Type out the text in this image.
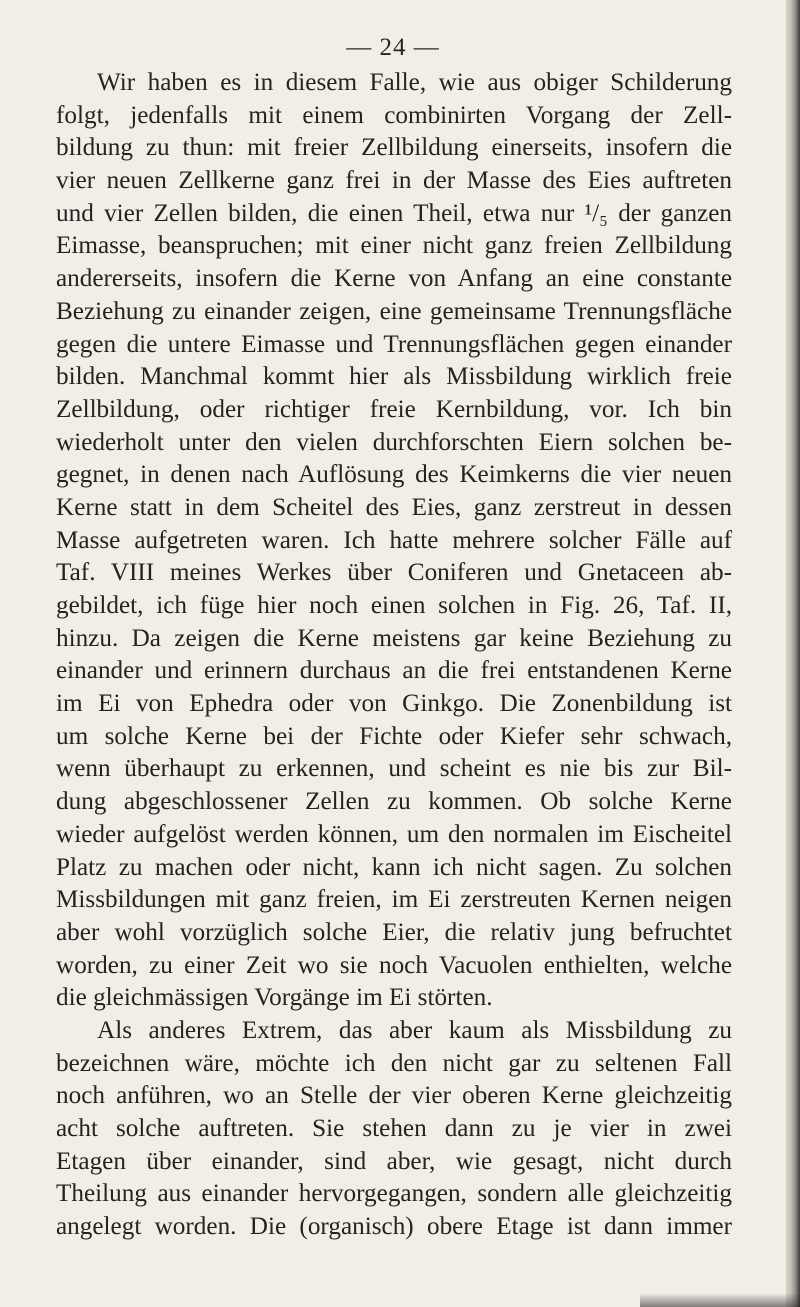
— 24 —
Wir haben es in diesem Falle, wie aus obiger Schilderung
folgt, jedenfalls mit einem combinirten Vorgang der Zell-
bildung zu thun: mit freier Zellbildung einerseits, insofern die
vier neuen Zellkerne ganz frei in der Masse des Eies auftreten
und vier Zellen bilden, die einen Theil, etwa nur ¹/₅ der ganzen
Eimasse, beanspruchen; mit einer nicht ganz freien Zellbildung
andererseits, insofern die Kerne von Anfang an eine constante
Beziehung zu einander zeigen, eine gemeinsame Trennungsfläche
gegen die untere Eimasse und Trennungsflächen gegen einander
bilden. Manchmal kommt hier als Missbildung wirklich freie
Zellbildung, oder richtiger freie Kernbildung, vor. Ich bin
wiederholt unter den vielen durchforschten Eiern solchen be-
gegnet, in denen nach Auflösung des Keimkerns die vier neuen
Kerne statt in dem Scheitel des Eies, ganz zerstreut in dessen
Masse aufgetreten waren. Ich hatte mehrere solcher Fälle auf
Taf. VIII meines Werkes über Coniferen und Gnetaceen ab-
gebildet, ich füge hier noch einen solchen in Fig. 26, Taf. II,
hinzu. Da zeigen die Kerne meistens gar keine Beziehung zu
einander und erinnern durchaus an die frei entstandenen Kerne
im Ei von Ephedra oder von Ginkgo. Die Zonenbildung ist
um solche Kerne bei der Fichte oder Kiefer sehr schwach,
wenn überhaupt zu erkennen, und scheint es nie bis zur Bil-
dung abgeschlossener Zellen zu kommen. Ob solche Kerne
wieder aufgelöst werden können, um den normalen im Eischeitel
Platz zu machen oder nicht, kann ich nicht sagen. Zu solchen
Missbildungen mit ganz freien, im Ei zerstreuten Kernen neigen
aber wohl vorzüglich solche Eier, die relativ jung befruchtet
worden, zu einer Zeit wo sie noch Vacuolen enthielten, welche
die gleichmässigen Vorgänge im Ei störten.
Als anderes Extrem, das aber kaum als Missbildung zu
bezeichnen wäre, möchte ich den nicht gar zu seltenen Fall
noch anführen, wo an Stelle der vier oberen Kerne gleichzeitig
acht solche auftreten. Sie stehen dann zu je vier in zwei
Etagen über einander, sind aber, wie gesagt, nicht durch
Theilung aus einander hervorgegangen, sondern alle gleichzeitig
angelegt worden. Die (organisch) obere Etage ist dann immer
